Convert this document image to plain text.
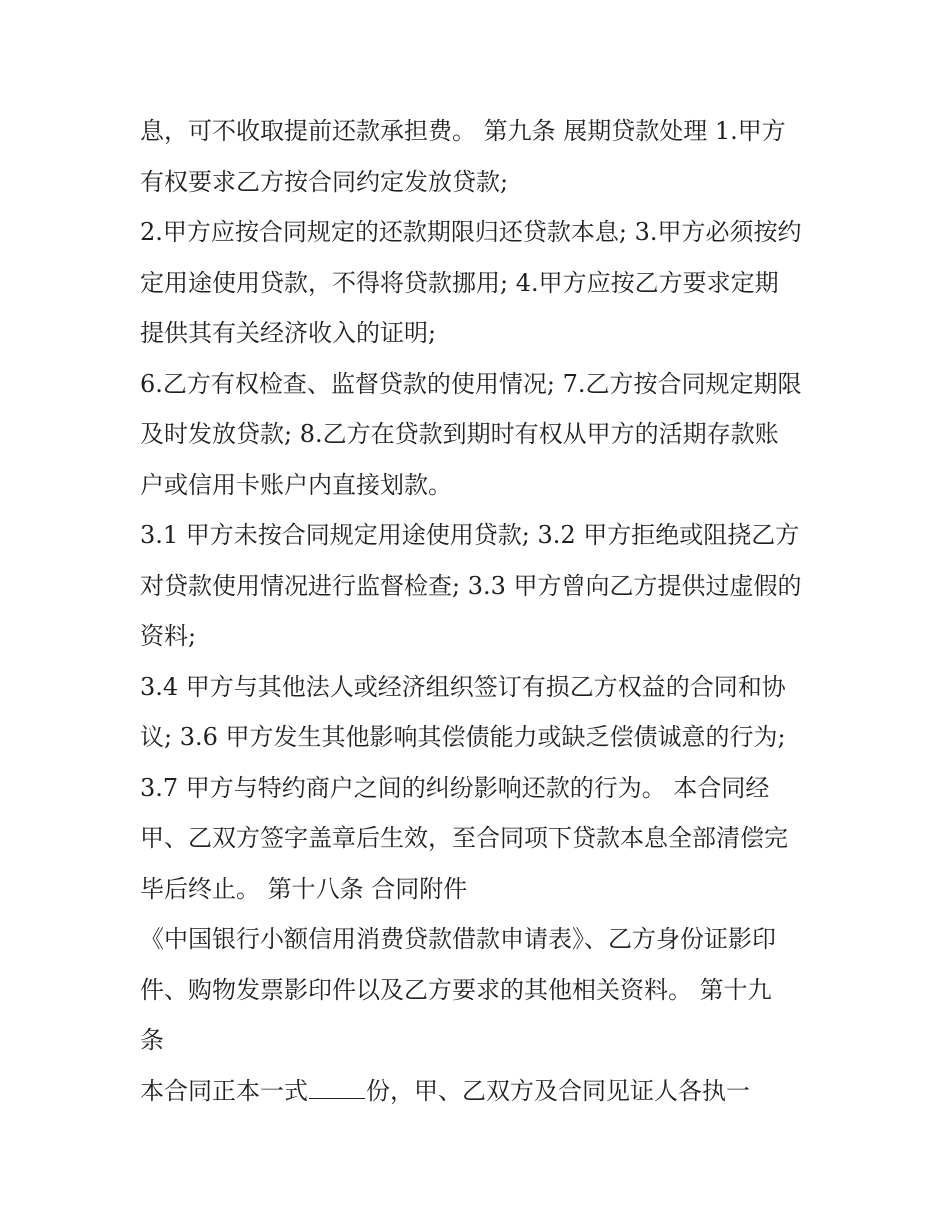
息，可不收取提前还款承担费。 第九条 展期贷款处理 1.甲方
有权要求乙方按合同约定发放贷款;
2.甲方应按合同规定的还款期限归还贷款本息; 3.甲方必须按约
定用途使用贷款，不得将贷款挪用; 4.甲方应按乙方要求定期
提供其有关经济收入的证明;
6.乙方有权检查、监督贷款的使用情况; 7.乙方按合同规定期限
及时发放贷款; 8.乙方在贷款到期时有权从甲方的活期存款账
户或信用卡账户内直接划款。
3.1 甲方未按合同规定用途使用贷款; 3.2 甲方拒绝或阻挠乙方
对贷款使用情况进行监督检查; 3.3 甲方曾向乙方提供过虚假的
资料;
3.4 甲方与其他法人或经济组织签订有损乙方权益的合同和协
议; 3.6 甲方发生其他影响其偿债能力或缺乏偿债诚意的行为;
3.7 甲方与特约商户之间的纠纷影响还款的行为。 本合同经
甲、乙双方签字盖章后生效，至合同项下贷款本息全部清偿完
毕后终止。 第十八条 合同附件
《中国银行小额信用消费贷款借款申请表》、乙方身份证影印
件、购物发票影印件以及乙方要求的其他相关资料。 第十九
条
本合同正本一式 份，甲、乙双方及合同见证人各执一
